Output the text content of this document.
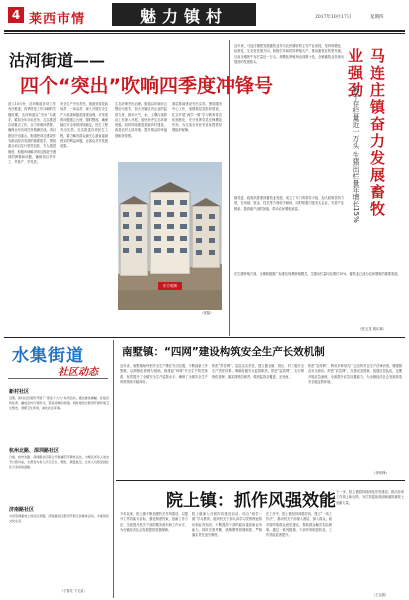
4 莱西市情	魅力镇村	2017年10月17日	星期四
沽河街道——
四个“突出”吹响四季度冲锋号
进入10月份，沽河街道各项工作有序推进。四季度是工作冲刺的关键时期，沽河街道以“突出”为抓手，紧扣全年目标任务，扎实推进各项重点工作，全力冲刺四季度，确保全年各项任务圆满完成。项目建设突出重点。街道把项目建设作为推动经济发展的重要抓手，围绕重点项目实行领导包挂、专人跟进制度，积极协调解决项目推进中遇到的困难和问题，确保项目早开工、早投产、早见效。
安全生产突出责任。街道坚持党政同责、一岗双责，深入开展安全生产大检查和隐患排查治理，对发现的问题建立台账、限时整改，确保辖区安全形势持续稳定。民生工程突出实效。扎实推进各项民生工程，着力解决群众最关心最直接最现实的利益问题，让群众共享发展成果。
生态环保突出治理。街道以环境综合整治为抓手，加大对辖区内企业的监管力度，推动大气、水、土壤污染防治工作深入开展，加快补齐生态环境短板。同时持续推进美丽乡村建设，改善农村人居环境，提升群众的幸福感和获得感。
基层基础建设突出实效。围绕服务中心工作，加强基层党组织建设，扎实开展“两学一做”学习教育常态化制度化，充分发挥党员先锋模范作用，为完成全年任务目标提供坚强组织保障。
东方明珠
（张磊）
近年来，马连庄镇把发展畜牧业作为农民增收的主导产业来抓，坚持规模化、标准化、生态化发展方向，积极引导和扶持养殖大户，推动畜牧业转型升级。目前全镇奶牛存栏量近一万头，规模化养殖场达到数十处，全镇畜牧业呈现出强劲的发展势头。	马连庄镇奋力发展畜牧业强劲
奶牛存栏量近一万头 生猪出栏量年增长15%
镇党委、政府高度重视畜牧业发展，成立了专门的领导小组，加大政策扶持力度，在用地、资金、技术等方面给予倾斜。同时积极引进龙头企业，完善产业链条，提高畜产品附加值，带动农民增收致富。
在生猪养殖方面，全镇积极推广标准化规模养殖模式，生猪出栏量同比增长15%，畜牧业已成为农民增收的重要渠道。
（张玉龙 周乐林）
水集街道
社区动态
新村社区
近期，新村社区组织开展了“喜迎十九大”系列活动，通过悬挂横幅、张贴宣传标语、播放宣传片等形式，营造浓厚的氛围。同时组织志愿者开展环境卫生整治，清理卫生死角，美化社区环境。
杭州北路、深圳路社区
日前，杭州北路、深圳路社区联合开展重阳节敬老活动，为辖区老年人送去节日慰问品，志愿者为老人打扫卫生、理发、测量血压，让老人们感受到社区大家庭的温暖。
济南路社区
为营造健康向上的社区氛围，济南路社区组织开展全民健身活动，丰富居民文化生活。
（于春光 下文录）
南墅镇：“四网”建设构筑安全生产长效机制
近年来，南墅镇始终把安全生产摆在突出位置，不断创新工作思路，以网格化管理为基础，构建起“四网”安全生产防控体系，有效提升了全镇安全生产监管水平，确保了全镇安全生产形势持续平稳向好。
织密“责任网”，层层压实责任，建立健全镇、管区、村三级安全生产责任体系，明确各级安全监管职责。织密“监管网”，实行网格化管理，落实网格员职责，做到监管全覆盖、无死角。
织密“宣传网”，利用多种形式广泛宣传安全生产法律法规，增强群众安全意识。织密“应急网”，完善应急预案，组建应急队伍，定期开展应急演练，全面提升应急处置能力，为全镇经济社会发展营造安全稳定的环境。
（李玮锋）
院上镇：抓作风强效能
今年以来，院上镇不断加强机关作风建设，以提升工作效能为目标，强化制度约束，创新工作方法，全面提升机关干部的服务意识和工作水平，为全镇经济社会发展提供坚强保障。
院上镇深入开展作风建设活动，结合“两学一做”学习教育，组织机关干部认真学习党的理论知识和业务知识，不断提高干部的政治素质和业务能力。同时完善考勤、请销假等管理制度，严格落实责任追究制度。
在工作中，院上镇坚持问题导向，建立“一线工作法”，推动机关干部深入基层、深入群众，面对面听取群众意见建议，帮助群众解决实际困难。通过一系列措施，干部作风明显转变，工作效能显著提升。
下一步，院上镇将持续深化作风建设，推动各项工作再上新台阶，为打造富裕美丽和谐的新院上贡献力量。
（王宝娟）
